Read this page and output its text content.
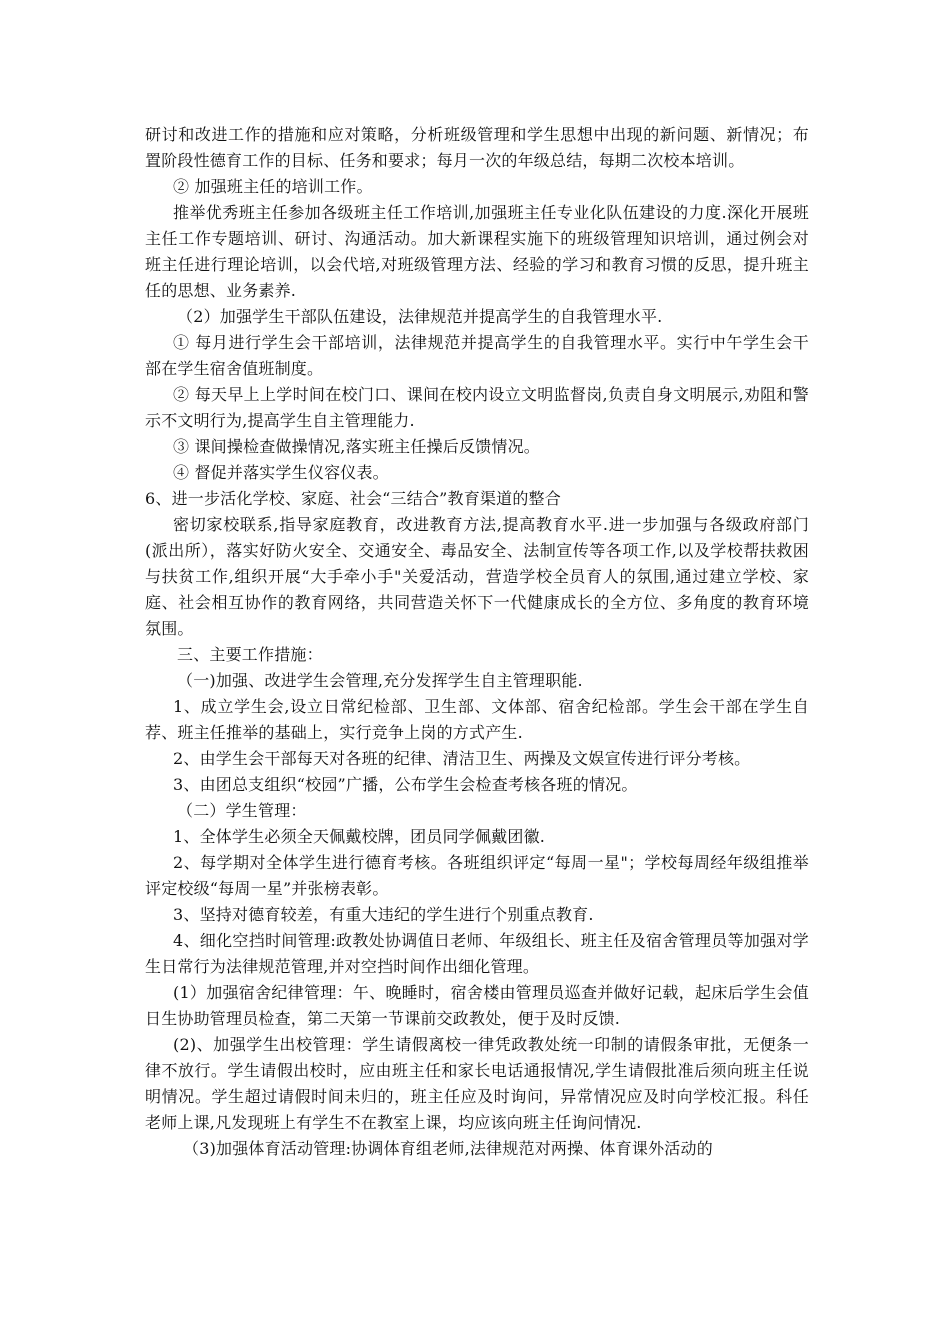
研讨和改进工作的措施和应对策略，分析班级管理和学生思想中出现的新问题、新情况；布置阶段性德育工作的目标、任务和要求；每月一次的年级总结，每期二次校本培训。

② 加强班主任的培训工作。

推举优秀班主任参加各级班主任工作培训,加强班主任专业化队伍建设的力度.深化开展班主任工作专题培训、研讨、沟通活动。加大新课程实施下的班级管理知识培训，通过例会对班主任进行理论培训，以会代培,对班级管理方法、经验的学习和教育习惯的反思，提升班主任的思想、业务素养.

（2）加强学生干部队伍建设，法律规范并提高学生的自我管理水平.

① 每月进行学生会干部培训，法律规范并提高学生的自我管理水平。实行中午学生会干部在学生宿舍值班制度。

② 每天早上上学时间在校门口、课间在校内设立文明监督岗,负责自身文明展示,劝阻和警示不文明行为,提高学生自主管理能力.

③ 课间操检查做操情况,落实班主任操后反馈情况。

④ 督促并落实学生仪容仪表。

6、进一步活化学校、家庭、社会“三结合”教育渠道的整合

密切家校联系,指导家庭教育，改进教育方法,提高教育水平.进一步加强与各级政府部门(派出所），落实好防火安全、交通安全、毒品安全、法制宣传等各项工作,以及学校帮扶救困与扶贫工作,组织开展“大手牵小手"关爱活动，营造学校全员育人的氛围,通过建立学校、家庭、社会相互协作的教育网络，共同营造关怀下一代健康成长的全方位、多角度的教育环境氛围。

三、主要工作措施：

（一)加强、改进学生会管理,充分发挥学生自主管理职能.

1、成立学生会,设立日常纪检部、卫生部、文体部、宿舍纪检部。学生会干部在学生自荐、班主任推举的基础上，实行竞争上岗的方式产生.

2、由学生会干部每天对各班的纪律、清洁卫生、两操及文娱宣传进行评分考核。

3、由团总支组织“校园”广播，公布学生会检查考核各班的情况。

（二）学生管理：

1、全体学生必须全天佩戴校牌，团员同学佩戴团徽.

2、每学期对全体学生进行德育考核。各班组织评定“每周一星"；学校每周经年级组推举评定校级“每周一星”并张榜表彰。

3、坚持对德育较差，有重大违纪的学生进行个别重点教育.

4、细化空挡时间管理:政教处协调值日老师、年级组长、班主任及宿舍管理员等加强对学生日常行为法律规范管理,并对空挡时间作出细化管理。

(1）加强宿舍纪律管理：午、晚睡时，宿舍楼由管理员巡查并做好记载，起床后学生会值日生协助管理员检查，第二天第一节课前交政教处，便于及时反馈.

(2)、加强学生出校管理：学生请假离校一律凭政教处统一印制的请假条审批，无便条一律不放行。学生请假出校时，应由班主任和家长电话通报情况,学生请假批准后须向班主任说明情况。学生超过请假时间未归的，班主任应及时询问，异常情况应及时向学校汇报。科任老师上课,凡发现班上有学生不在教室上课，均应该向班主任询问情况.

（3)加强体育活动管理:协调体育组老师,法律规范对两操、体育课外活动的
